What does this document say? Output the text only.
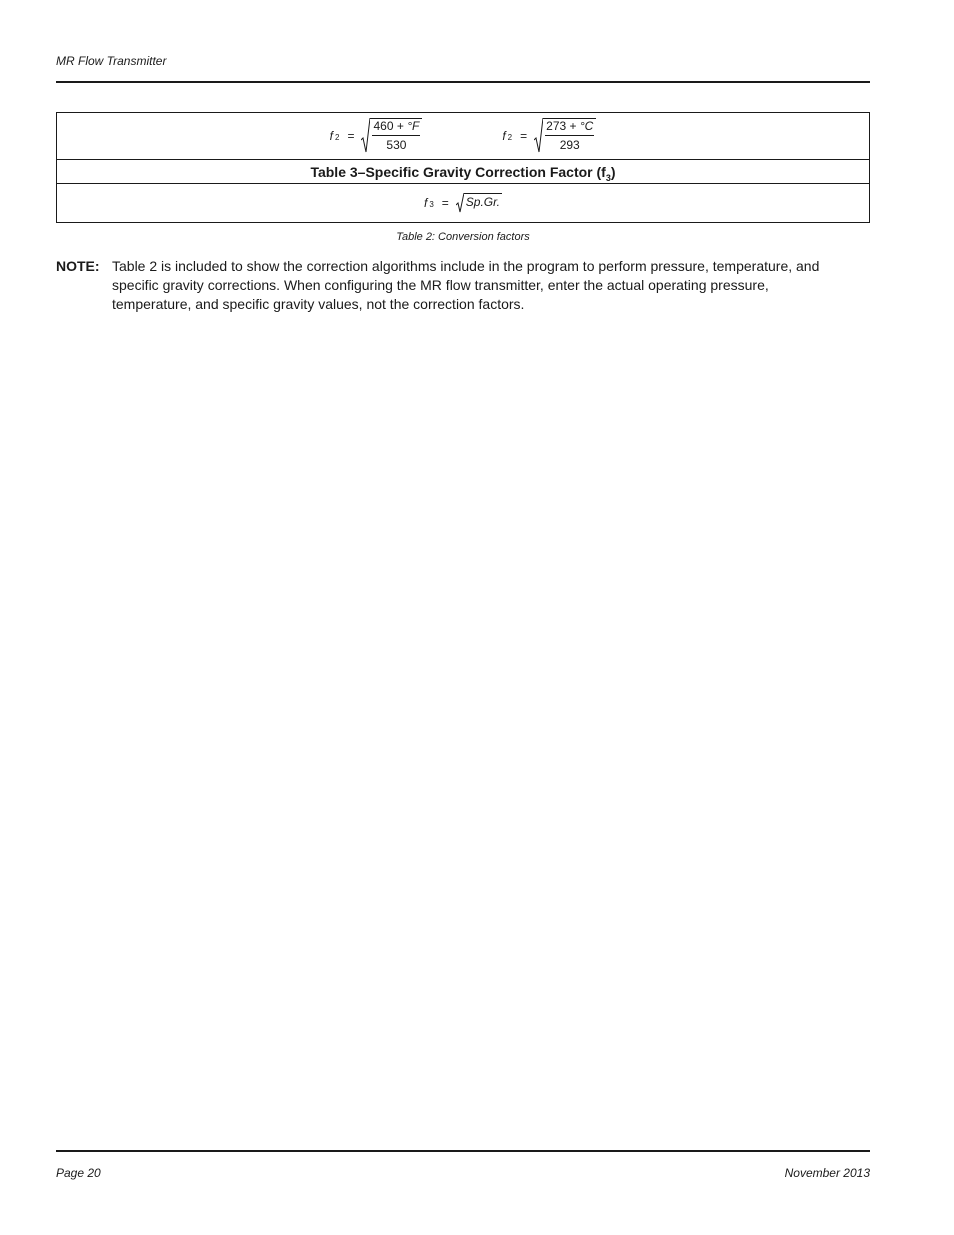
MR Flow Transmitter
f $2 = \frac{460 + ^\circ F}{530}$	f $2 = \frac{273 + ^\circ C}{293}$

Table 3–Specific Gravity Correction Factor $(f_3)$

f 3 = Sp.Gr.
Table 2: Conversion factors
NOTE: Table 2 is included to show the correction algorithms include in the program to perform pressure, temperature, and specific gravity corrections. When configuring the MR flow transmitter, enter the actual operating pressure, temperature, and specific gravity values, not the correction factors.
Page 20	November 2013
